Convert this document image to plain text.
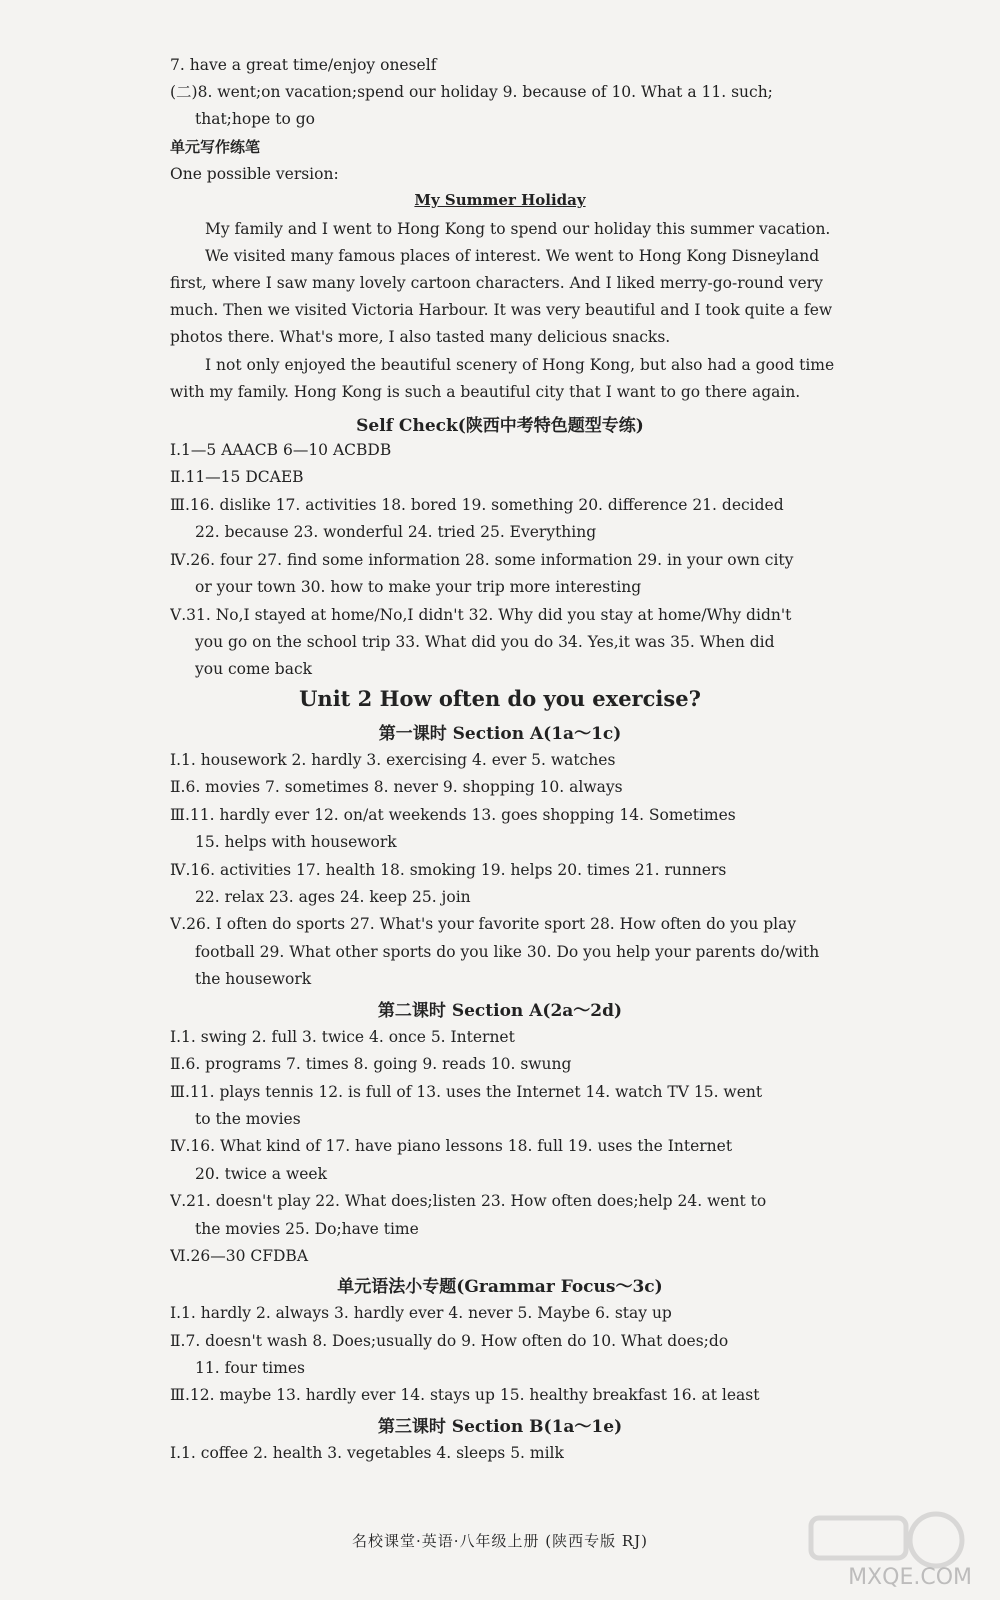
7. have a great time/enjoy oneself
(二)8. went;on vacation;spend our holiday 9. because of 10. What a 11. such;
that;hope to go
单元写作练笔
One possible version:
My Summer Holiday
My family and I went to Hong Kong to spend our holiday this summer vacation.
We visited many famous places of interest. We went to Hong Kong Disneyland first, where I saw many lovely cartoon characters. And I liked merry-go-round very much. Then we visited Victoria Harbour. It was very beautiful and I took quite a few photos there. What's more, I also tasted many delicious snacks.
I not only enjoyed the beautiful scenery of Hong Kong, but also had a good time with my family. Hong Kong is such a beautiful city that I want to go there again.
Self Check(陕西中考特色题型专练)
Ⅰ.1—5 AAACB 6—10 ACBDB
Ⅱ.11—15 DCAEB
Ⅲ.16. dislike 17. activities 18. bored 19. something 20. difference 21. decided
22. because 23. wonderful 24. tried 25. Everything
Ⅳ.26. four 27. find some information 28. some information 29. in your own city
or your town 30. how to make your trip more interesting
Ⅴ.31. No,I stayed at home/No,I didn't 32. Why did you stay at home/Why didn't
you go on the school trip 33. What did you do 34. Yes,it was 35. When did
you come back
Unit 2 How often do you exercise?
第一课时 Section A(1a～1c)
Ⅰ.1. housework 2. hardly 3. exercising 4. ever 5. watches
Ⅱ.6. movies 7. sometimes 8. never 9. shopping 10. always
Ⅲ.11. hardly ever 12. on/at weekends 13. goes shopping 14. Sometimes
15. helps with housework
Ⅳ.16. activities 17. health 18. smoking 19. helps 20. times 21. runners
22. relax 23. ages 24. keep 25. join
Ⅴ.26. I often do sports 27. What's your favorite sport 28. How often do you play
football 29. What other sports do you like 30. Do you help your parents do/with
the housework
第二课时 Section A(2a～2d)
Ⅰ.1. swing 2. full 3. twice 4. once 5. Internet
Ⅱ.6. programs 7. times 8. going 9. reads 10. swung
Ⅲ.11. plays tennis 12. is full of 13. uses the Internet 14. watch TV 15. went
to the movies
Ⅳ.16. What kind of 17. have piano lessons 18. full 19. uses the Internet
20. twice a week
Ⅴ.21. doesn't play 22. What does;listen 23. How often does;help 24. went to
the movies 25. Do;have time
Ⅵ.26—30 CFDBA
单元语法小专题(Grammar Focus～3c)
Ⅰ.1. hardly 2. always 3. hardly ever 4. never 5. Maybe 6. stay up
Ⅱ.7. doesn't wash 8. Does;usually do 9. How often do 10. What does;do
11. four times
Ⅲ.12. maybe 13. hardly ever 14. stays up 15. healthy breakfast 16. at least
第三课时 Section B(1a～1e)
Ⅰ.1. coffee 2. health 3. vegetables 4. sleeps 5. milk
名校课堂·英语·八年级上册 (陕西专版 RJ)
MXQE.COM
